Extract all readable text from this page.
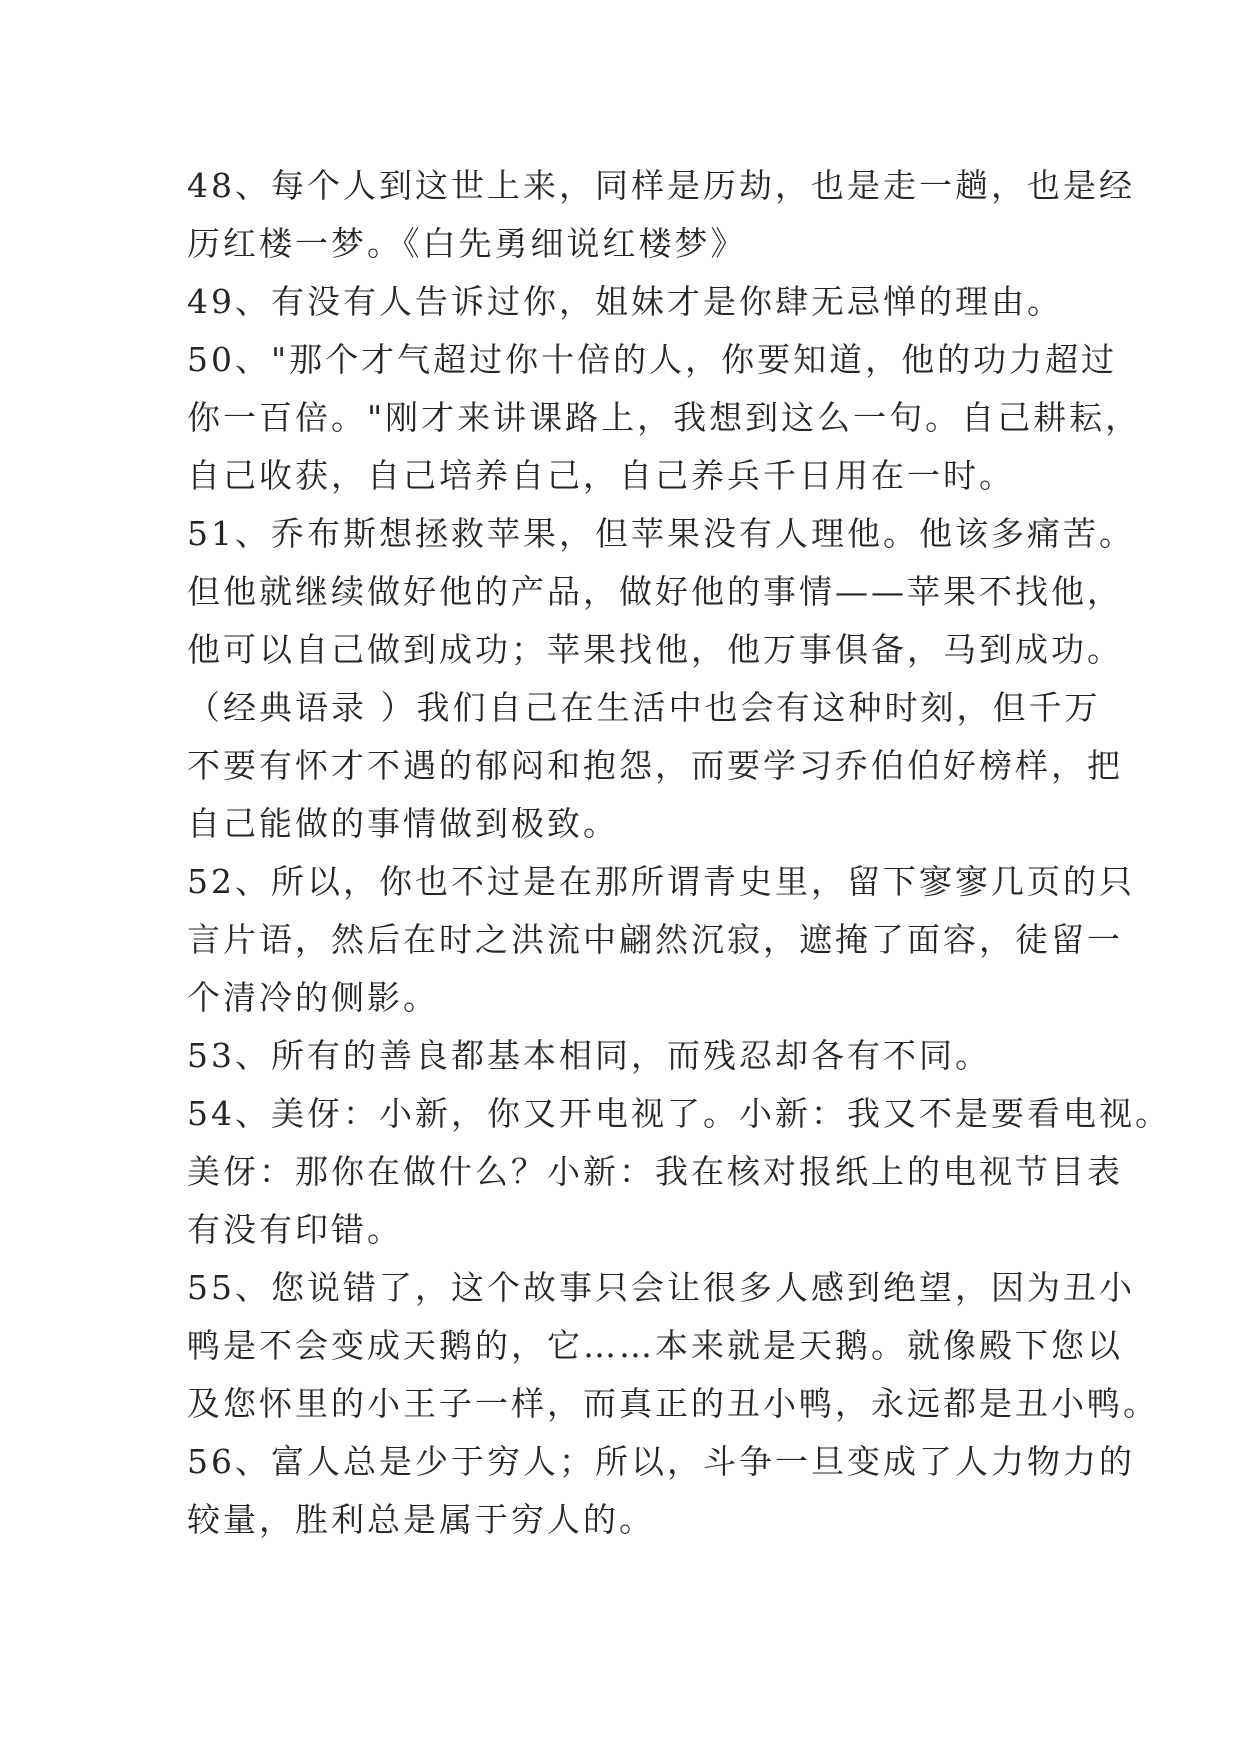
48、每个人到这世上来，同样是历劫，也是走一趟，也是经
历红楼一梦。《白先勇细说红楼梦》
49、有没有人告诉过你，姐妹才是你肆无忌惮的理由。
50、"那个才气超过你十倍的人，你要知道，他的功力超过
你一百倍。"刚才来讲课路上，我想到这么一句。自己耕耘，
自己收获，自己培养自己，自己养兵千日用在一时。
51、乔布斯想拯救苹果，但苹果没有人理他。他该多痛苦。
但他就继续做好他的产品，做好他的事情——苹果不找他，
他可以自己做到成功；苹果找他，他万事俱备，马到成功。
（经典语录 ）我们自己在生活中也会有这种时刻，但千万
不要有怀才不遇的郁闷和抱怨，而要学习乔伯伯好榜样，把
自己能做的事情做到极致。
52、所以，你也不过是在那所谓青史里，留下寥寥几页的只
言片语，然后在时之洪流中翩然沉寂，遮掩了面容，徒留一
个清冷的侧影。
53、所有的善良都基本相同，而残忍却各有不同。
54、美伢：小新，你又开电视了。小新：我又不是要看电视。
美伢：那你在做什么？小新：我在核对报纸上的电视节目表
有没有印错。
55、您说错了，这个故事只会让很多人感到绝望，因为丑小
鸭是不会变成天鹅的，它……本来就是天鹅。就像殿下您以
及您怀里的小王子一样，而真正的丑小鸭，永远都是丑小鸭。
56、富人总是少于穷人；所以，斗争一旦变成了人力物力的
较量，胜利总是属于穷人的。
